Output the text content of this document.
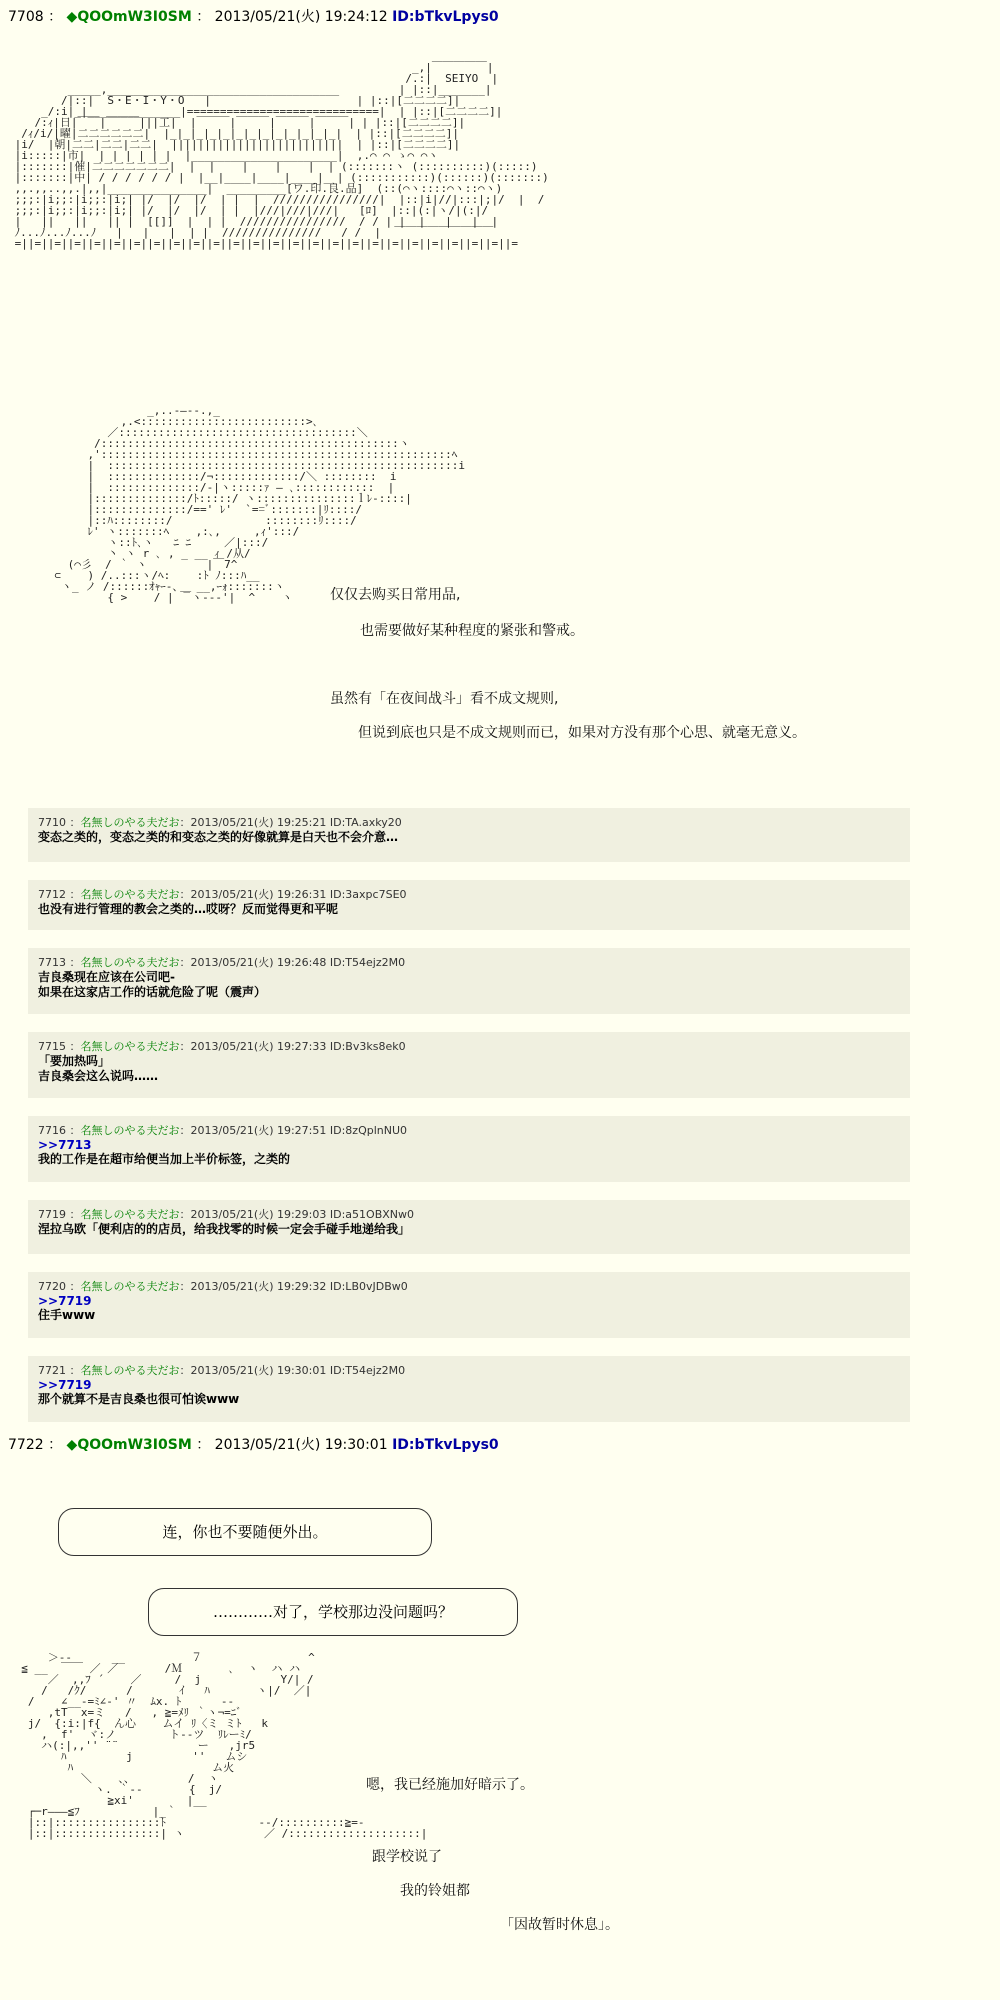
7708 ： ◆QOOmW3I0SM ： 2013/05/21(火) 19:24:12 ID:bTkvLpys0
_,|￣￣￣￣￣|
/.:|  SEIYO  |
_____,___________________________________         | |::|_______|
/|::|  S・E・I・Y・O   |                      | |::|[二二二二]|
_/:i|_|______________|=============================|  | |::|[二二二二]|
/:ｨ|日|￣￣|￣￣￣|||工|  |￣￣￣|￣￣￣|￣￣￣|￣￣￣| | |::|[二二二二]|
/ｨ/i/|曜|二二二二二二|  |_|_|_|_|_|_|_|_|_|_|_|_|_|  | |::|[二二二二]|
|i/  |朝|二二|二二|二二|  ||||||||||||||||||||||||||  | |::|[二二二二]|
|i:::::|市|  | | | | | |  |______________________|  ,.⌒ ⌒ ゝ⌒ ⌒ヽ
|:::::::|催|二二二二二二二|  |  |    |    |    |  | (:::::::ヽ (::::::::::)(:::::)
|:::::::|中| / / / / / / |  |__|____|____|____|__| (:::::::::::)(::::::)(:::::::)
,,.,,..,,.|,,|_______________|  _________[ワ.印.良.品]  (::(⌒ヽ::::⌒ヽ::⌒ヽ)
;;;:|i;;:|i;;:|i;| |/  |/  |/  | |  |  ////////////////|  |::|i|//|:::|;|/  |  /
;;;:|i;;:|i;;:|i;| |/  |/  |/  | |  |///|///|///|   [ﾛ]  |::|(:|ヽ/|(:|/
|   ||   ||   || |  [[]]  |  | |  ////////////////  / / | |  |   |   |  |
ﾉ...ﾉ...ﾉ...ﾉ   |   |   |  | |  ///////////////   / /  |  ￣￣￣￣￣￣￣￣￣
=||=||=||=||=||=||=||=||=||=||=||=||=||=||=||=||=||=||=||=||=||=||=||=||=||=

_,..-―‐-.,_
,.<:::::::::::::::::::::::::>､
／::::::::::::::::::::::::::::::::::::＼
/:::::::::::::::::::::::::::::::::::::::::::::ヽ
,':::::::::::::::::::::::::::::::::::::::::::::::::::::ﾍ
|  :::::::::::::::::::::::::::::::::::::::::::::::::::::i
|  ::::::::::::::/¬:::::::::::::/＼ ::::::::  i
|  ::::::::::::::/‐|ヽ:::::ｧ ― ､::::::::::::  |
|::::::::::::::/ﾄ:::::/ ヽ:::::::::::::::ｌﾚ‐::::|
|::::::::::::::/==' ﾚ'  `==ﾞ:::::::|ﾘ::::/
|::ﾊ::::::::/              ::::::::ﾘ::::/
ﾚ' ヽ:::::::ﾍ    ,:､,     ,ｨ':::/
ヽ::ﾄ､ヽ   ﾆ ﾆ     ／|:::/
丶 ヽ r ､ , _ __ ｨ /从/
(⌒彡  / ｀ ヽ         |￣7^
⊂    ) /..:::ヽ/ﾍ:    :ﾄ ﾉ:::ﾊ__
ヽ_ ノ /::::::ｵｬｰ-、_ __,ｰｫ:::::::ヽ
{ >    / | ￣ヽ--‐'|  ^    ヽ	仅仅去购买日常用品,
也需要做好某种程度的紧张和警戒。
虽然有「在夜间战斗」看不成文规则,
但说到底也只是不成文规则而已，如果对方没有那个心思、就毫无意义。
7710 ：名無しのやる夫だお：2013/05/21(火) 19:25:21 ID:TA.axky20
变态之类的，变态之类的和变态之类的好像就算是白天也不会介意…
7712 ：名無しのやる夫だお：2013/05/21(火) 19:26:31 ID:3axpc7SE0
也没有进行管理的教会之类的…哎呀？反而觉得更和平呢
7713 ：名無しのやる夫だお：2013/05/21(火) 19:26:48 ID:T54ejz2M0
吉良桑现在应该在公司吧-
如果在这家店工作的话就危险了呢（震声）
7715 ：名無しのやる夫だお：2013/05/21(火) 19:27:33 ID:Bv3ks8ek0
「要加热吗」
吉良桑会这么说吗……
7716 ：名無しのやる夫だお：2013/05/21(火) 19:27:51 ID:8zQplnNU0
>>7713
我的工作是在超市给便当加上半价标签，之类的
7719 ：名無しのやる夫だお：2013/05/21(火) 19:29:03 ID:a51OBXNw0
涅拉乌欧「便利店的的店员，给我找零的时候一定会手碰手地递给我」
7720 ：名無しのやる夫だお：2013/05/21(火) 19:29:32 ID:LB0vJDBw0
>>7719
住手www
7721 ：名無しのやる夫だお：2013/05/21(火) 19:30:01 ID:T54ejz2M0
>>7719
那个就算不是吉良桑也很可怕诶www
7722 ： ◆QOOmW3I0SM ： 2013/05/21(火) 19:30:01 ID:bTkvLpys0
连，你也不要随便外出。
…………对了，学校那边没问题吗？
＞-‐      __          ７                ^
≦ __  ￣￣ ／ ／       /Ｍ       ､  ヽ  ハ ハ
／  ,,ﾌ ´    ／     /  j            Y/| /
/   /ｸ/      /       ｲ   ﾊ       ヽ|/  ／|
/    ∠__-=ﾐ∠-' 〃  ﾑx. ﾄ      -‐
,tT  x=ミ   /   , ≧=ﾒﾘ ｀ヽ¬=ﾆﾞ
j/  {:i:|f{  ん心    ムイ ﾘ〈ミ ミﾄ   k
,  f'  ヾ:ノ        ト-‐ツ  ﾘﾚーﾐ/
ハ(:|,,'' ¨¨            ー   ,jr5
ﾊ         j         ''   ムシ
ﾊ                     ム火
＼    、、        /  ヽ
ヽ. ｀-‐       {  j/
≧xi'        |__
┌─r―――≦ﾌ           |_｀
|::|::::::::::::::::ﾄ              -‐/::::::::::≧=-
|::|::::::::::::::::| ヽ            ／ /::::::::::::::::::::|

嗯，我已经施加好暗示了。
跟学校说了
我的铃姐都
「因故暂时休息」。
